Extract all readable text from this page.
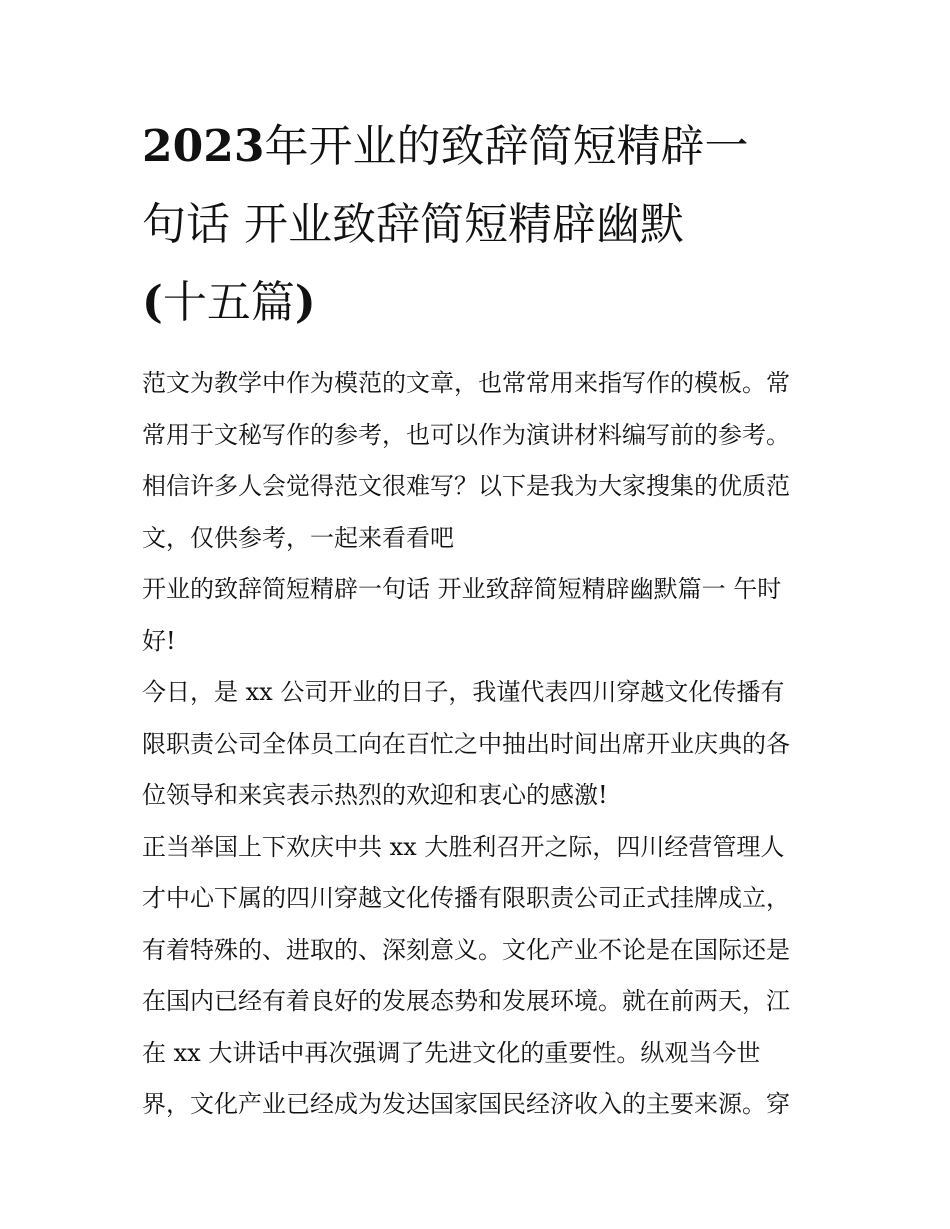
2023年开业的致辞简短精辟一
句话 开业致辞简短精辟幽默
(十五篇)

范文为教学中作为模范的文章，也常常用来指写作的模板。常
常用于文秘写作的参考，也可以作为演讲材料编写前的参考。
相信许多人会觉得范文很难写？以下是我为大家搜集的优质范
文，仅供参考，一起来看看吧

开业的致辞简短精辟一句话 开业致辞简短精辟幽默篇一 午时
好!

今日，是 xx 公司开业的日子，我谨代表四川穿越文化传播有
限职责公司全体员工向在百忙之中抽出时间出席开业庆典的各
位领导和来宾表示热烈的欢迎和衷心的感激!

正当举国上下欢庆中共 xx 大胜利召开之际，四川经营管理人
才中心下属的四川穿越文化传播有限职责公司正式挂牌成立，
有着特殊的、进取的、深刻意义。文化产业不论是在国际还是
在国内已经有着良好的发展态势和发展环境。就在前两天，江
在 xx 大讲话中再次强调了先进文化的重要性。纵观当今世
界，文化产业已经成为发达国家国民经济收入的主要来源。穿
